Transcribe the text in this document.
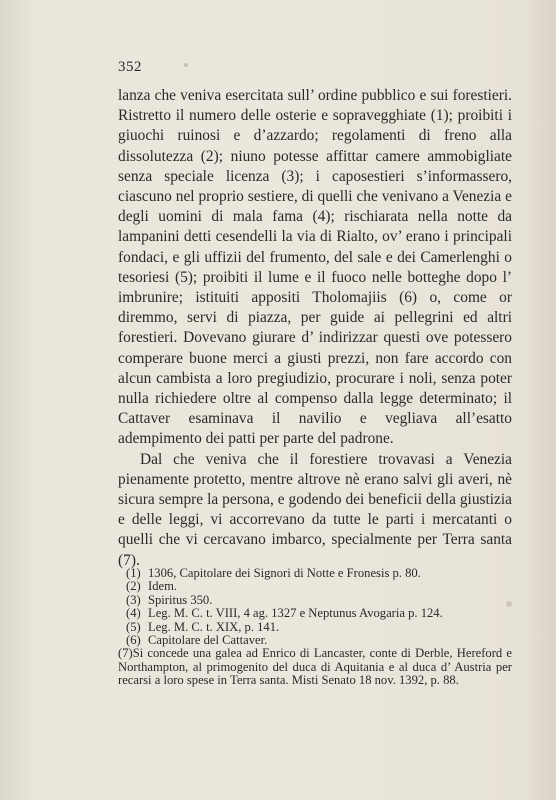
352

lanza che veniva esercitata sull’ ordine pubblico e sui forestieri. Ristretto il numero delle osterie e sopravegghiate (1); proibiti i giuochi ruinosi e d’azzardo; regolamenti di freno alla dissolutezza (2); niuno potesse affittar camere ammobigliate senza speciale licenza (3); i caposestieri s’informassero, ciascuno nel proprio sestiere, di quelli che venivano a Venezia e degli uomini di mala fama (4); rischiarata nella notte da lampanini detti cesendelli la via di Rialto, ov’ erano i principali fondaci, e gli uffizii del frumento, del sale e dei Camerlenghi o tesoriesi (5); proibiti il lume e il fuoco nelle botteghe dopo l’ imbrunire; istituiti appositi Tholomajiis (6) o, come or diremmo, servi di piazza, per guide ai pellegrini ed altri forestieri. Dovevano giurare d’ indirizzar questi ove potessero comperare buone merci a giusti prezzi, non fare accordo con alcun cambista a loro pregiudizio, procurare i noli, senza poter nulla richiedere oltre al compenso dalla legge determinato; il Cattaver esaminava il navilio e vegliava all’esatto adempimento dei patti per parte del padrone.

Dal che veniva che il forestiere trovavasi a Venezia pienamente protetto, mentre altrove nè erano salvi gli averi, nè sicura sempre la persona, e godendo dei beneficii della giustizia e delle leggi, vi accorrevano da tutte le parti i mercatanti o quelli che vi cercavano imbarco, specialmente per Terra santa (7).

(1) 1306, Capitolare dei Signori di Notte e Fronesis p. 80.

(2) Idem.

(3) Spiritus 350.

(4) Leg. M. C. t. VIII, 4 ag. 1327 e Neptunus Avogaria p. 124.

(5) Leg. M. C. t. XIX, p. 141.

(6) Capitolare del Cattaver.

(7)Si concede una galea ad Enrico di Lancaster, conte di Derble, Hereford e Northampton, al primogenito del duca di Aquitania e al duca d’ Austria per recarsi a loro spese in Terra santa. Misti Senato 18 nov. 1392, p. 88.
